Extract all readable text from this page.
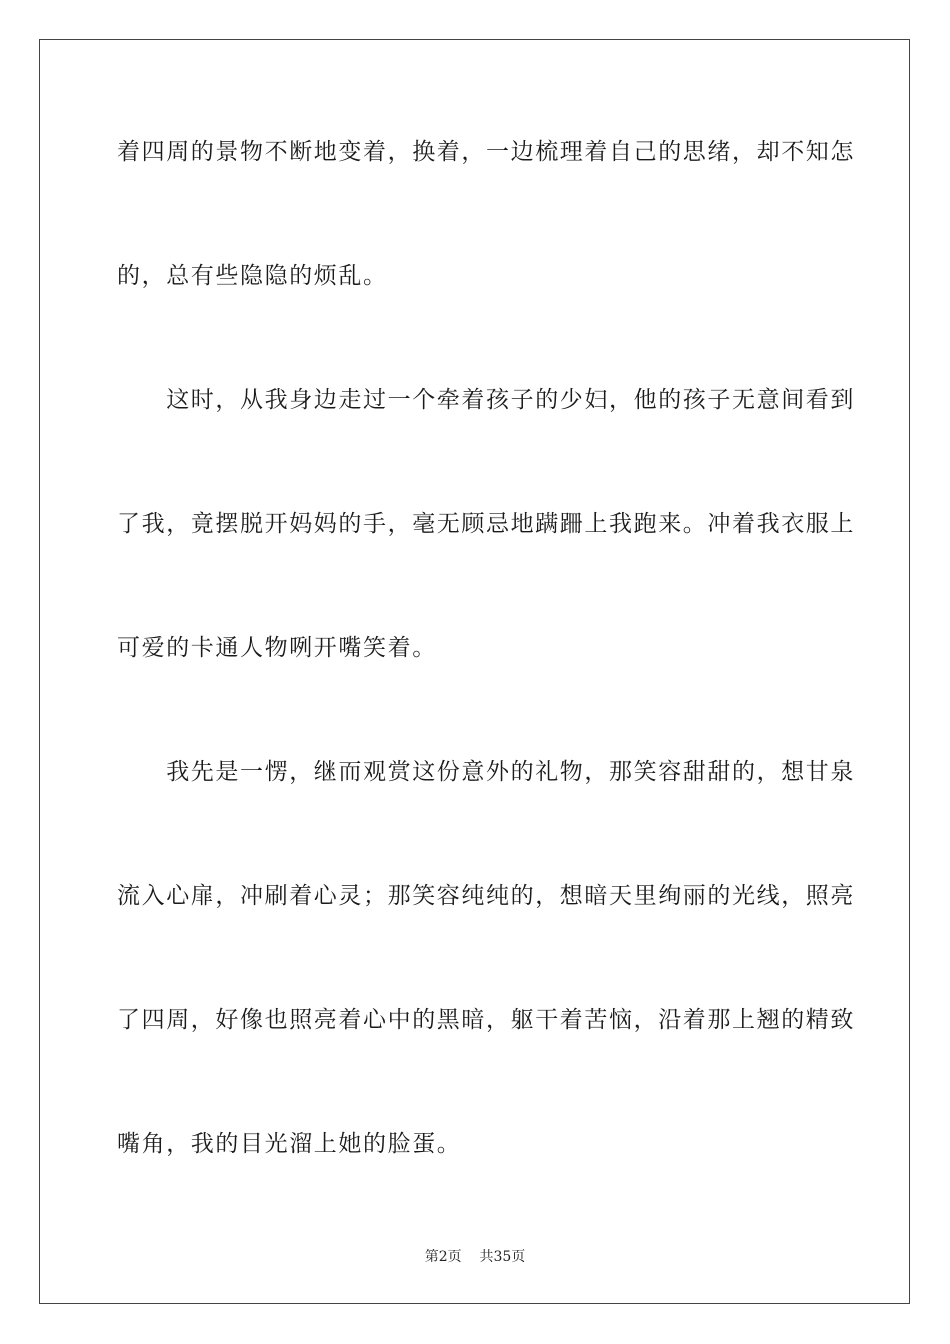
着四周的景物不断地变着，换着，一边梳理着自己的思绪，却不知怎
的，总有些隐隐的烦乱。
　　这时，从我身边走过一个牵着孩子的少妇，他的孩子无意间看到
了我，竟摆脱开妈妈的手，毫无顾忌地蹒跚上我跑来。冲着我衣服上
可爱的卡通人物咧开嘴笑着。
　　我先是一愣，继而观赏这份意外的礼物，那笑容甜甜的，想甘泉
流入心扉，冲刷着心灵；那笑容纯纯的，想暗天里绚丽的光线，照亮
了四周，好像也照亮着心中的黑暗，躯干着苦恼，沿着那上翘的精致
嘴角，我的目光溜上她的脸蛋。
第2页 共35页
